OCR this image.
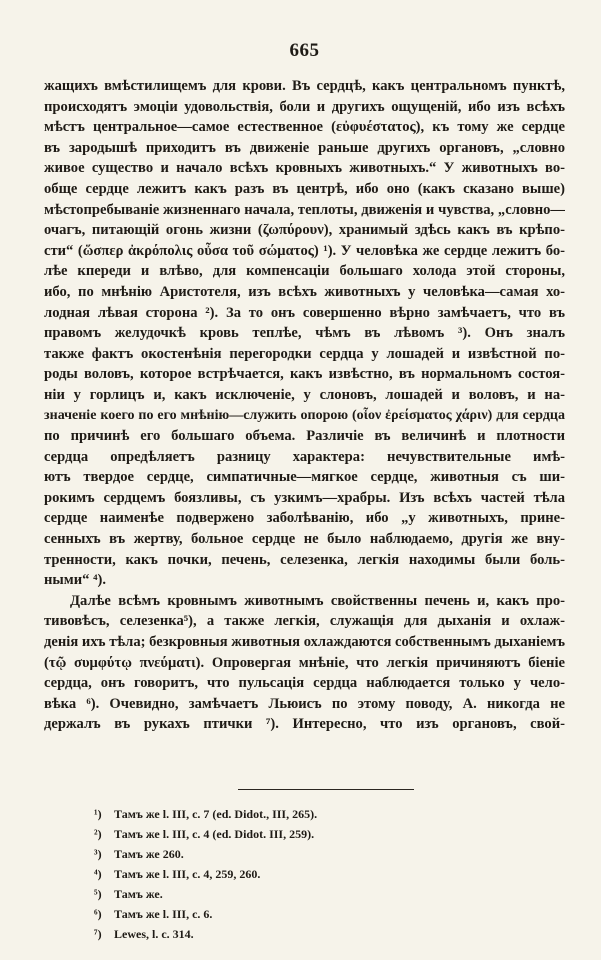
665

жащихъ вмѣстилищемъ для крови. Въ сердцѣ, какъ центральномъ пунктѣ,
происходятъ эмоціи удовольствія, боли и другихъ ощущеній, ибо изъ всѣхъ
мѣстъ центральное—самое естественное (εὐφυέστατος), къ тому же сердце
въ зародышѣ приходитъ въ движеніе раньше другихъ органовъ, „словно
живое существо и начало всѣхъ кровныхъ животныхъ.“ У животныхъ во-
обще сердце лежитъ какъ разъ въ центрѣ, ибо оно (какъ сказано выше)
мѣстопребываніе жизненнаго начала, теплоты, движенія и чувства, „словно—
очагъ, питающій огонь жизни (ζωπύρουν), хранимый здѣсь какъ въ крѣпо-
сти“ (ὥσπερ ἀκρόπολις οὖσα τοῦ σώματος) ¹). У человѣка же сердце лежитъ бо-
лѣе кпереди и влѣво, для компенсаціи большаго холода этой стороны,
ибо, по мнѣнію Аристотеля, изъ всѣхъ животныхъ у человѣка—самая хо-
лодная лѣвая сторона ²). За то онъ совершенно вѣрно замѣчаетъ, что въ
правомъ желудочкѣ кровь теплѣе, чѣмъ въ лѣвомъ ³). Онъ зналъ
также фактъ окостенѣнія перегородки сердца у лошадей и извѣстной по-
роды воловъ, которое встрѣчается, какъ извѣстно, въ нормальномъ состоя-
ніи у горлицъ и, какъ исключеніе, у слоновъ, лошадей и воловъ, и на-
значеніе коего по его мнѣнію—служить опорою (οἷον ἐρείσματος χάριν) для сердца
по причинѣ его большаго объема. Различіе въ величинѣ и плотности
сердца опредѣляетъ разницу характера: нечувствительные имѣ-
ютъ твердое сердце, симпатичные—мягкое сердце, животныя съ ши-
рокимъ сердцемъ боязливы, съ узкимъ—храбры. Изъ всѣхъ частей тѣла
сердце наименѣе подвержено заболѣванію, ибо „у животныхъ, прине-
сенныхъ въ жертву, больное сердце не было наблюдаемо, другія же вну-
тренности, какъ почки, печень, селезенка, легкія находимы были боль-
ными“ ⁴).

Далѣе всѣмъ кровнымъ животнымъ свойственны печень и, какъ про-
тивовѣсъ, селезенка⁵), а также легкія, служащія для дыханія и охлаж-
денія ихъ тѣла; безкровныя животныя охлаждаются собственнымъ дыханіемъ
(τῷ συμφύτῳ πνεύματι). Опровергая мнѣніе, что легкія причиняютъ біеніе
сердца, онъ говоритъ, что пульсація сердца наблюдается только у чело-
вѣка ⁶). Очевидно, замѣчаетъ Льюисъ по этому поводу, А. никогда не
держалъ въ рукахъ птички ⁷). Интересно, что изъ органовъ, свой-

¹) Тамъ же l. III, c. 7 (ed. Didot., III, 265).
²) Тамъ же l. III, c. 4 (ed. Didot. III, 259).
³) Тамъ же 260.
⁴) Тамъ же l. III, c. 4, 259, 260.
⁵) Тамъ же.
⁶) Тамъ же l. III, c. 6.
⁷) Lewes, l. c. 314.
